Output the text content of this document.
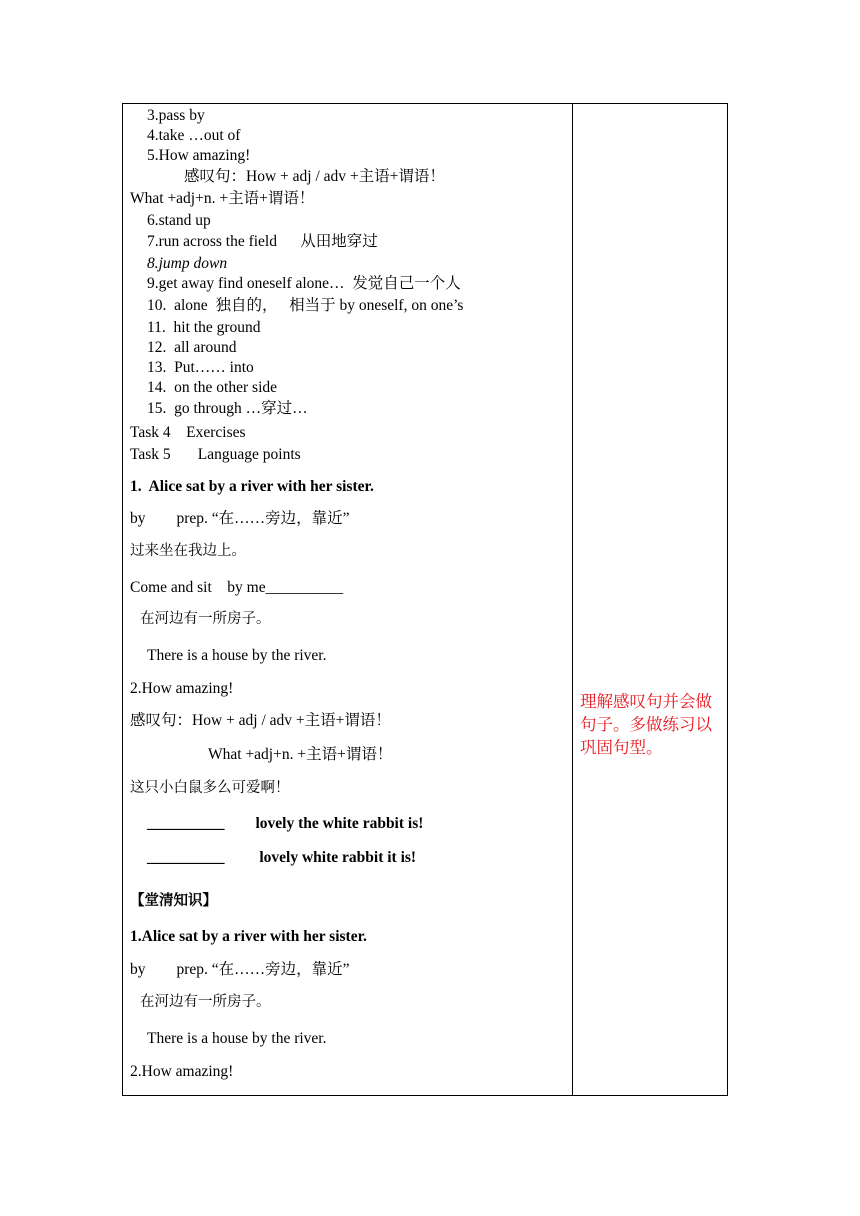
3.pass by
4.take …out of
5.How amazing!
感叹句：How + adj / adv +主语+谓语！
What +adj+n. +主语+谓语！
6.stand up
7.run across the field      从田地穿过
8.jump down
9.get away find oneself alone…  发觉自己一个人
10.  alone  独自的，   相当于 by oneself, on one’s
11.  hit the ground
12.  all around
13.  Put…… into
14.  on the other side
15.  go through …穿过…
Task 4    Exercises
Task 5       Language points
1.  Alice sat by a river with her sister.
by        prep. “在……旁边，靠近”
过来坐在我边上。
Come and sit    by me__________
在河边有一所房子。
There is a house by the river.
2.How amazing!
感叹句：How + adj / adv +主语+谓语！
What +adj+n. +主语+谓语！
这只小白鼠多么可爱啊！
__________        lovely the white rabbit is!
__________         lovely white rabbit it is!
【堂清知识】
1.Alice sat by a river with her sister.
by        prep. “在……旁边，靠近”
在河边有一所房子。
There is a house by the river.
2.How amazing!
理解感叹句并会做句子。多做练习以巩固句型。
